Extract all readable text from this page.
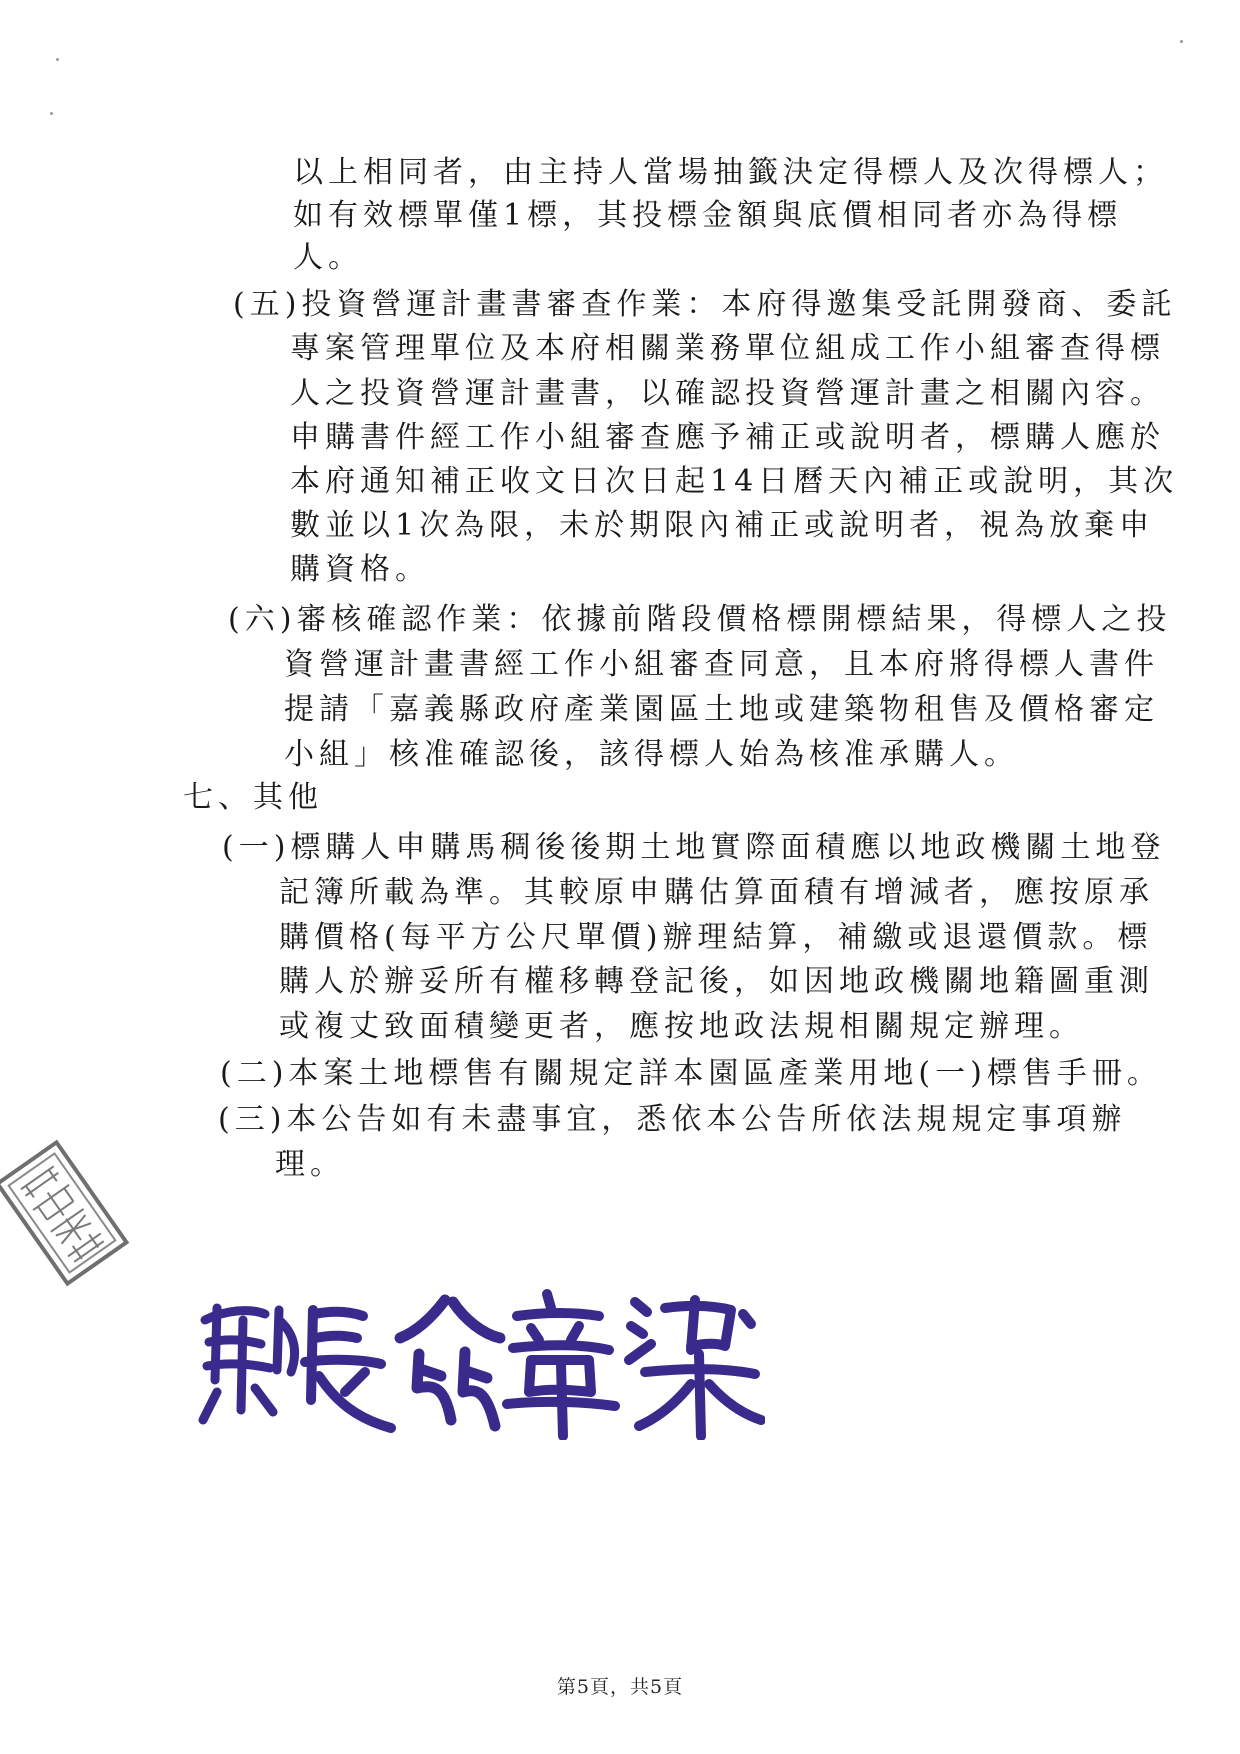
以上相同者，由主持人當場抽籤決定得標人及次得標人；
如有效標單僅1標，其投標金額與底價相同者亦為得標
人。
(五)投資營運計畫書審查作業：本府得邀集受託開發商、委託
專案管理單位及本府相關業務單位組成工作小組審查得標
人之投資營運計畫書，以確認投資營運計畫之相關內容。
申購書件經工作小組審查應予補正或說明者，標購人應於
本府通知補正收文日次日起14日曆天內補正或說明，其次
數並以1次為限，未於期限內補正或說明者，視為放棄申
購資格。
(六)審核確認作業：依據前階段價格標開標結果，得標人之投
資營運計畫書經工作小組審查同意，且本府將得標人書件
提請「嘉義縣政府產業園區土地或建築物租售及價格審定
小組」核准確認後，該得標人始為核准承購人。
七、其他
(一)標購人申購馬稠後後期土地實際面積應以地政機關土地登
記簿所載為準。其較原申購估算面積有增減者，應按原承
購價格(每平方公尺單價)辦理結算，補繳或退還價款。標
購人於辦妥所有權移轉登記後，如因地政機關地籍圖重測
或複丈致面積變更者，應按地政法規相關規定辦理。
(二)本案土地標售有關規定詳本園區產業用地(一)標售手冊。
(三)本公告如有未盡事宜，悉依本公告所依法規規定事項辦
理。
第5頁，共5頁
